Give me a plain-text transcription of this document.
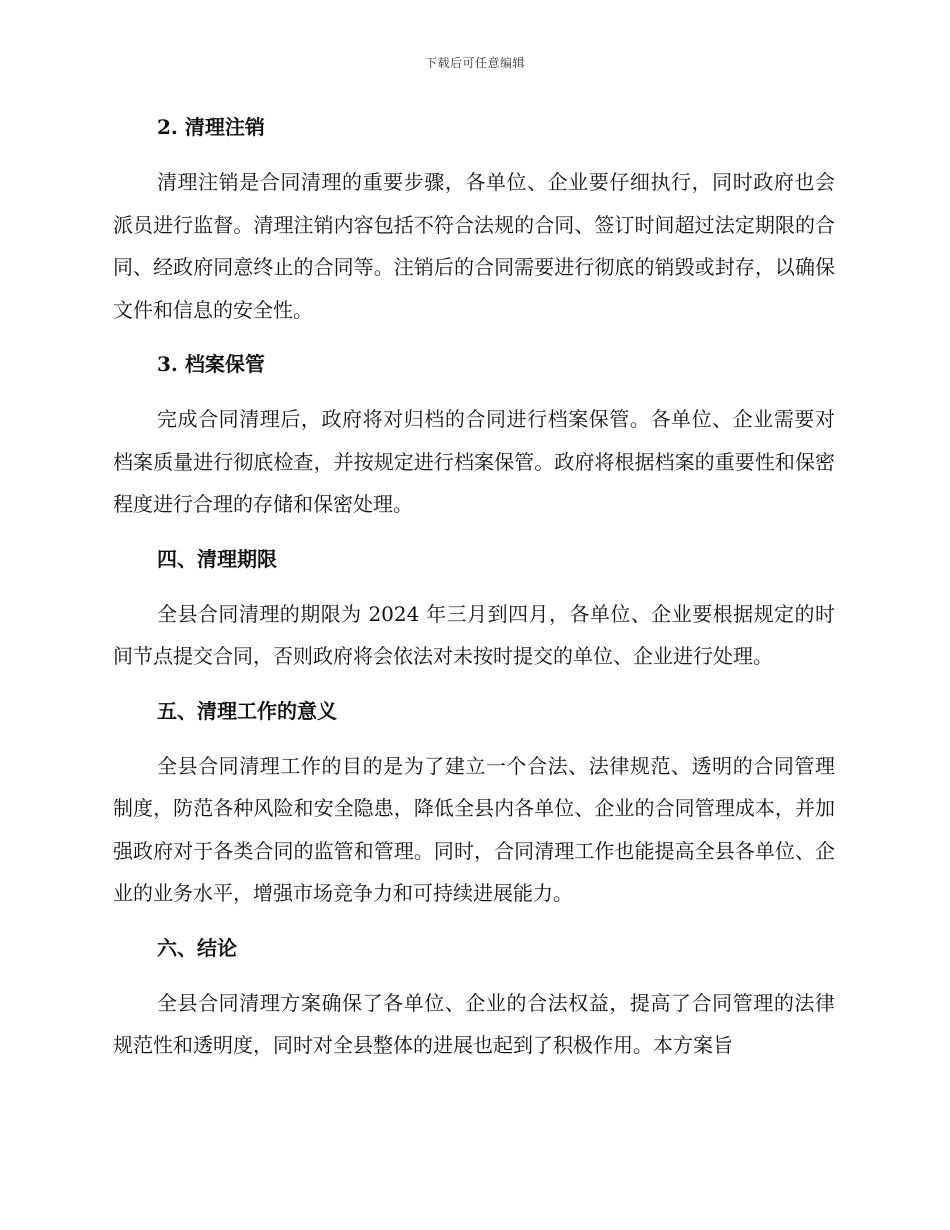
下载后可任意编辑
2. 清理注销

清理注销是合同清理的重要步骤，各单位、企业要仔细执行，同时政府也会派员进行监督。清理注销内容包括不符合法规的合同、签订时间超过法定期限的合同、经政府同意终止的合同等。注销后的合同需要进行彻底的销毁或封存，以确保文件和信息的安全性。

3. 档案保管

完成合同清理后，政府将对归档的合同进行档案保管。各单位、企业需要对档案质量进行彻底检查，并按规定进行档案保管。政府将根据档案的重要性和保密程度进行合理的存储和保密处理。

四、清理期限

全县合同清理的期限为 2024 年三月到四月，各单位、企业要根据规定的时间节点提交合同，否则政府将会依法对未按时提交的单位、企业进行处理。

五、清理工作的意义

全县合同清理工作的目的是为了建立一个合法、法律规范、透明的合同管理制度，防范各种风险和安全隐患，降低全县内各单位、企业的合同管理成本，并加强政府对于各类合同的监管和管理。同时，合同清理工作也能提高全县各单位、企业的业务水平，增强市场竞争力和可持续进展能力。

六、结论

全县合同清理方案确保了各单位、企业的合法权益，提高了合同管理的法律规范性和透明度，同时对全县整体的进展也起到了积极作用。本方案旨
